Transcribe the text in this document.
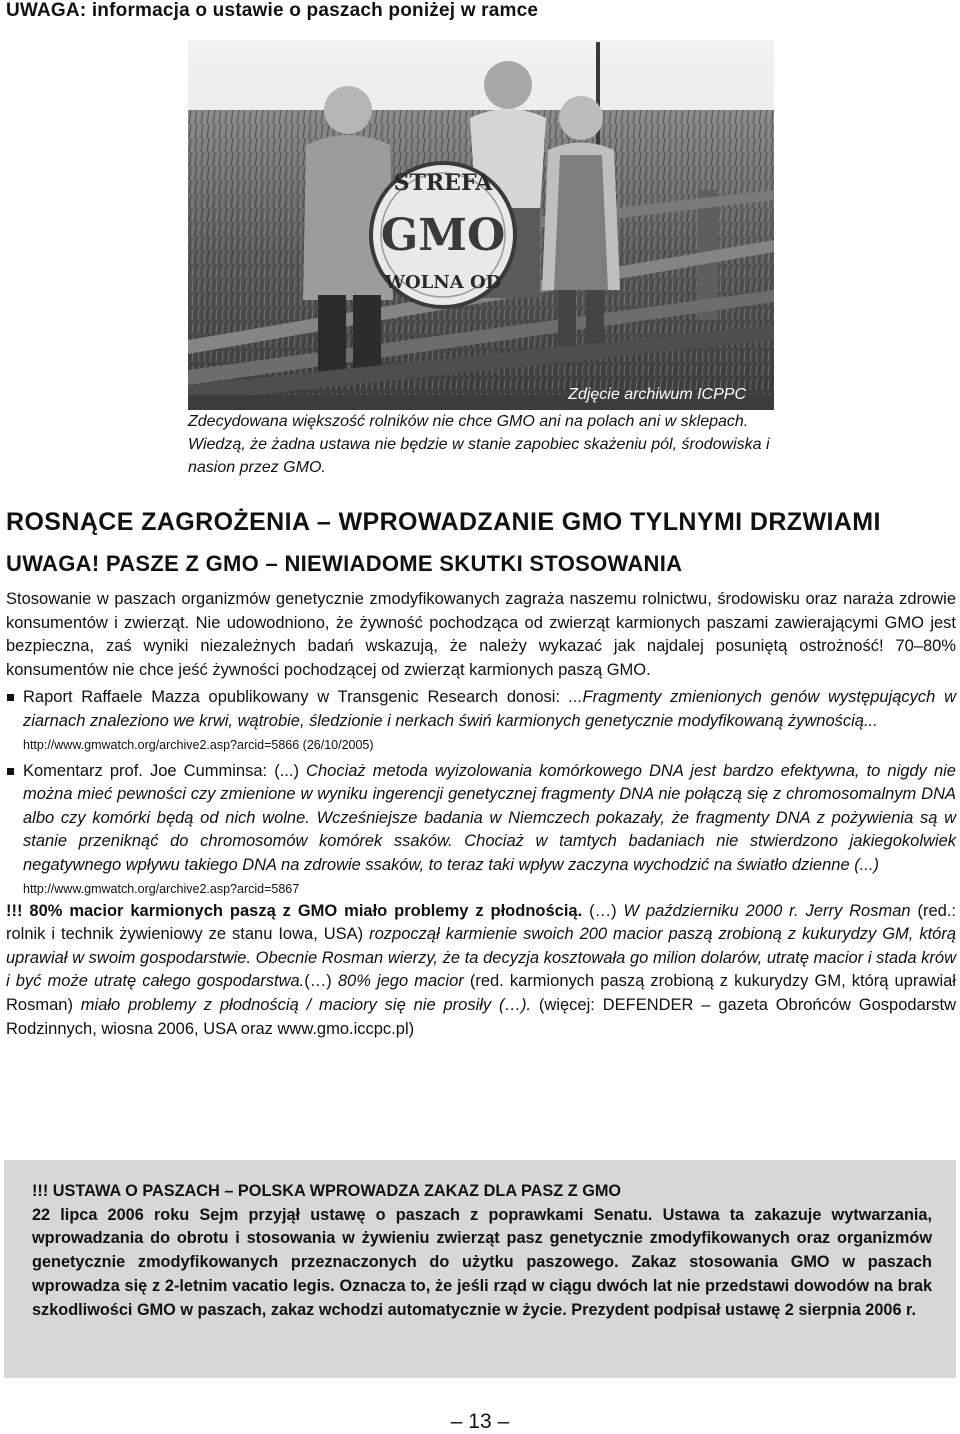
UWAGA: informacja o ustawie o paszach poniżej w ramce
STREFA
GMO
WOLNA OD
Zdjęcie archiwum ICPPC
Zdecydowana większość rolników nie chce GMO ani na polach ani w sklepach. Wiedzą, że żadna ustawa nie będzie w stanie zapobiec skażeniu pól, środowiska i nasion przez GMO.
ROSNĄCE ZAGROŻENIA – WPROWADZANIE GMO TYLNYMI DRZWIAMI
UWAGA! PASZE Z GMO – NIEWIADOME SKUTKI STOSOWANIA

Stosowanie w paszach organizmów genetycznie zmodyfikowanych zagraża naszemu rolnictwu, środowisku oraz naraża zdrowie konsumentów i zwierząt. Nie udowodniono, że żywność pochodząca od zwierząt karmionych paszami zawierającymi GMO jest bezpieczna, zaś wyniki niezależnych badań wskazują, że należy wykazać jak najdalej posuniętą ostrożność! 70–80% konsumentów nie chce jeść żywności pochodzącej od zwierząt karmionych paszą GMO.

Raport Raffaele Mazza opublikowany w Transgenic Research donosi: ...Fragmenty zmienionych genów występujących w ziarnach znaleziono we krwi, wątrobie, śledzionie i nerkach świń karmionych genetycznie modyfikowaną żywnością...
http://www.gmwatch.org/archive2.asp?arcid=5866 (26/10/2005)
Komentarz prof. Joe Cumminsa: (...) Chociaż metoda wyizolowania komórkowego DNA jest bardzo efektywna, to nigdy nie można mieć pewności czy zmienione w wyniku ingerencji genetycznej fragmenty DNA nie połączą się z chromosomalnym DNA albo czy komórki będą od nich wolne. Wcześniejsze badania w Niemczech pokazały, że fragmenty DNA z pożywienia są w stanie przeniknąć do chromosomów komórek ssaków. Chociaż w tamtych badaniach nie stwierdzono jakiegokolwiek negatywnego wpływu takiego DNA na zdrowie ssaków, to teraz taki wpływ zaczyna wychodzić na światło dzienne (...)
http://www.gmwatch.org/archive2.asp?arcid=5867

!!! 80% macior karmionych paszą z GMO miało problemy z płodnością. (…) W październiku 2000 r. Jerry Rosman (red.: rolnik i technik żywieniowy ze stanu Iowa, USA) rozpoczął karmienie swoich 200 macior paszą zrobioną z kukurydzy GM, którą uprawiał w swoim gospodarstwie. Obecnie Rosman wierzy, że ta decyzja kosztowała go milion dolarów, utratę macior i stada krów i być może utratę całego gospodarstwa.(…) 80% jego macior (red. karmionych paszą zrobioną z kukurydzy GM, którą uprawiał Rosman) miało problemy z płodnością / maciory się nie prosiły (…). (więcej: DEFENDER – gazeta Obrońców Gospodarstw Rodzinnych, wiosna 2006, USA oraz www.gmo.iccpc.pl)

!!! USTAWA O PASZACH – POLSKA WPROWADZA ZAKAZ DLA PASZ Z GMO
22 lipca 2006 roku Sejm przyjął ustawę o paszach z poprawkami Senatu. Ustawa ta zakazuje wytwarzania, wprowadzania do obrotu i stosowania w żywieniu zwierząt pasz genetycznie zmodyfikowanych oraz organizmów genetycznie zmodyfikowanych przeznaczonych do użytku paszowego. Zakaz stosowania GMO w paszach wprowadza się z 2-letnim vacatio legis. Oznacza to, że jeśli rząd w ciągu dwóch lat nie przedstawi dowodów na brak szkodliwości GMO w paszach, zakaz wchodzi automatycznie w życie. Prezydent podpisał ustawę 2 sierpnia 2006 r.
– 13 –
